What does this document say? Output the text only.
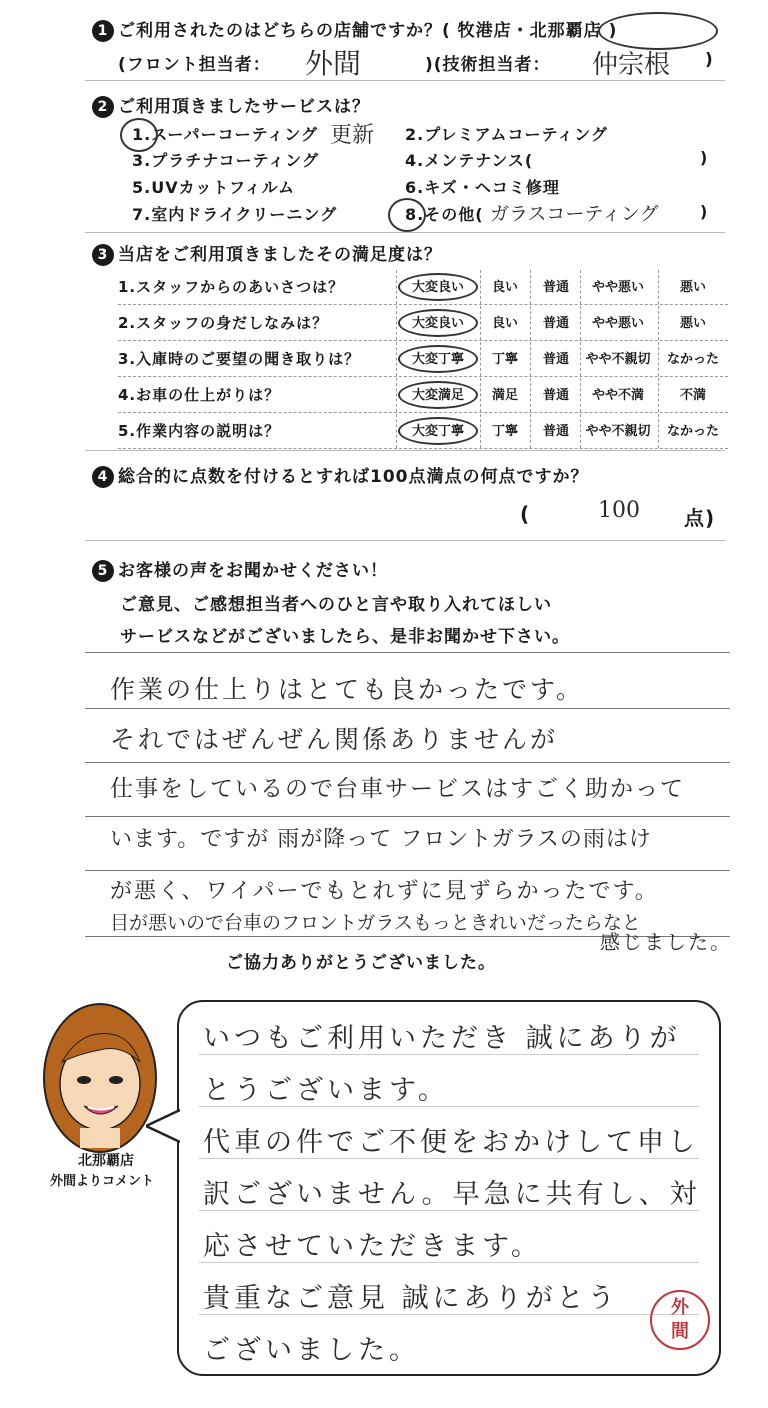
1 ご利用されたのはどちらの店舗ですか？( 牧港店・北那覇店 )
(フロント担当者： 外間	)(技術担当者： 仲宗根 )
2 ご利用頂きましたサービスは？
1.スーパーコーティング 更新 2.プレミアムコーティング
3.プラチナコーティング	4.メンテナンス(	)
5.UVカットフィルム	6.キズ・ヘコミ修理
7.室内ドライクリーニング	8.その他( ガラスコーティング	)
3 当店をご利用頂きましたその満足度は？
1.スタッフからのあいさつは？	大変良い	良い	普通	やや悪い	悪い
2.スタッフの身だしなみは？	大変良い	良い	普通	やや悪い	悪い
3.入庫時のご要望の聞き取りは？	大変丁寧	丁寧	普通	やや不親切	なかった
4.お車の仕上がりは？	大変満足	満足	普通	やや不満	不満
5.作業内容の説明は？	大変丁寧	丁寧	普通	やや不親切	なかった
4 総合的に点数を付けるとすれば100点満点の何点ですか？
(	100 点)
5 お客様の声をお聞かせください！
ご意見、ご感想担当者へのひと言や取り入れてほしい
サービスなどがございましたら、是非お聞かせ下さい。
作業の仕上りはとても良かったです。
それではぜんぜん関係ありませんが
仕事をしているので台車サービスはすごく助かって
います。ですが 雨が降って フロントガラスの雨はけ
が悪く、ワイパーでもとれずに見ずらかったです。
目が悪いので台車のフロントガラスもっときれいだったらなと
感じました。
ご協力ありがとうございました。
北那覇店
外間よりコメント
いつもご利用いただき 誠にありが
とうございます。
代車の件でご不便をおかけして申し
訳ございません。早急に共有し、対
応させていただきます。
貴重なご意見 誠にありがとう
ございました。
外間
